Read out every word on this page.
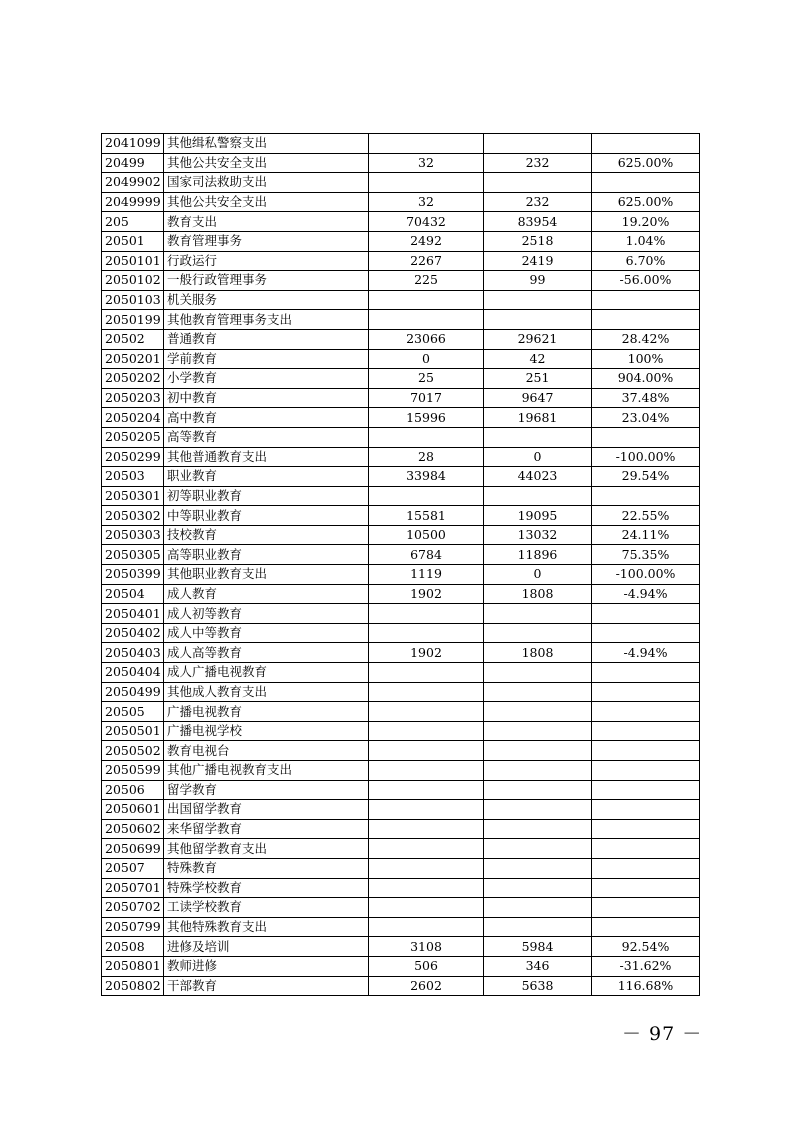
2041099	其他缉私警察支出			
20499	其他公共安全支出	32	232	625.00%
2049902	国家司法救助支出			
2049999	其他公共安全支出	32	232	625.00%
205	教育支出	70432	83954	19.20%
20501	教育管理事务	2492	2518	1.04%
2050101	行政运行	2267	2419	6.70%
2050102	一般行政管理事务	225	99	-56.00%
2050103	机关服务			
2050199	其他教育管理事务支出			
20502	普通教育	23066	29621	28.42%
2050201	学前教育	0	42	100%
2050202	小学教育	25	251	904.00%
2050203	初中教育	7017	9647	37.48%
2050204	高中教育	15996	19681	23.04%
2050205	高等教育			
2050299	其他普通教育支出	28	0	-100.00%
20503	职业教育	33984	44023	29.54%
2050301	初等职业教育			
2050302	中等职业教育	15581	19095	22.55%
2050303	技校教育	10500	13032	24.11%
2050305	高等职业教育	6784	11896	75.35%
2050399	其他职业教育支出	1119	0	-100.00%
20504	成人教育	1902	1808	-4.94%
2050401	成人初等教育			
2050402	成人中等教育			
2050403	成人高等教育	1902	1808	-4.94%
2050404	成人广播电视教育			
2050499	其他成人教育支出			
20505	广播电视教育			
2050501	广播电视学校			
2050502	教育电视台			
2050599	其他广播电视教育支出			
20506	留学教育			
2050601	出国留学教育			
2050602	来华留学教育			
2050699	其他留学教育支出			
20507	特殊教育			
2050701	特殊学校教育			
2050702	工读学校教育			
2050799	其他特殊教育支出			
20508	进修及培训	3108	5984	92.54%
2050801	教师进修	506	346	-31.62%
2050802	干部教育	2602	5638	116.68%
－ 97 －
